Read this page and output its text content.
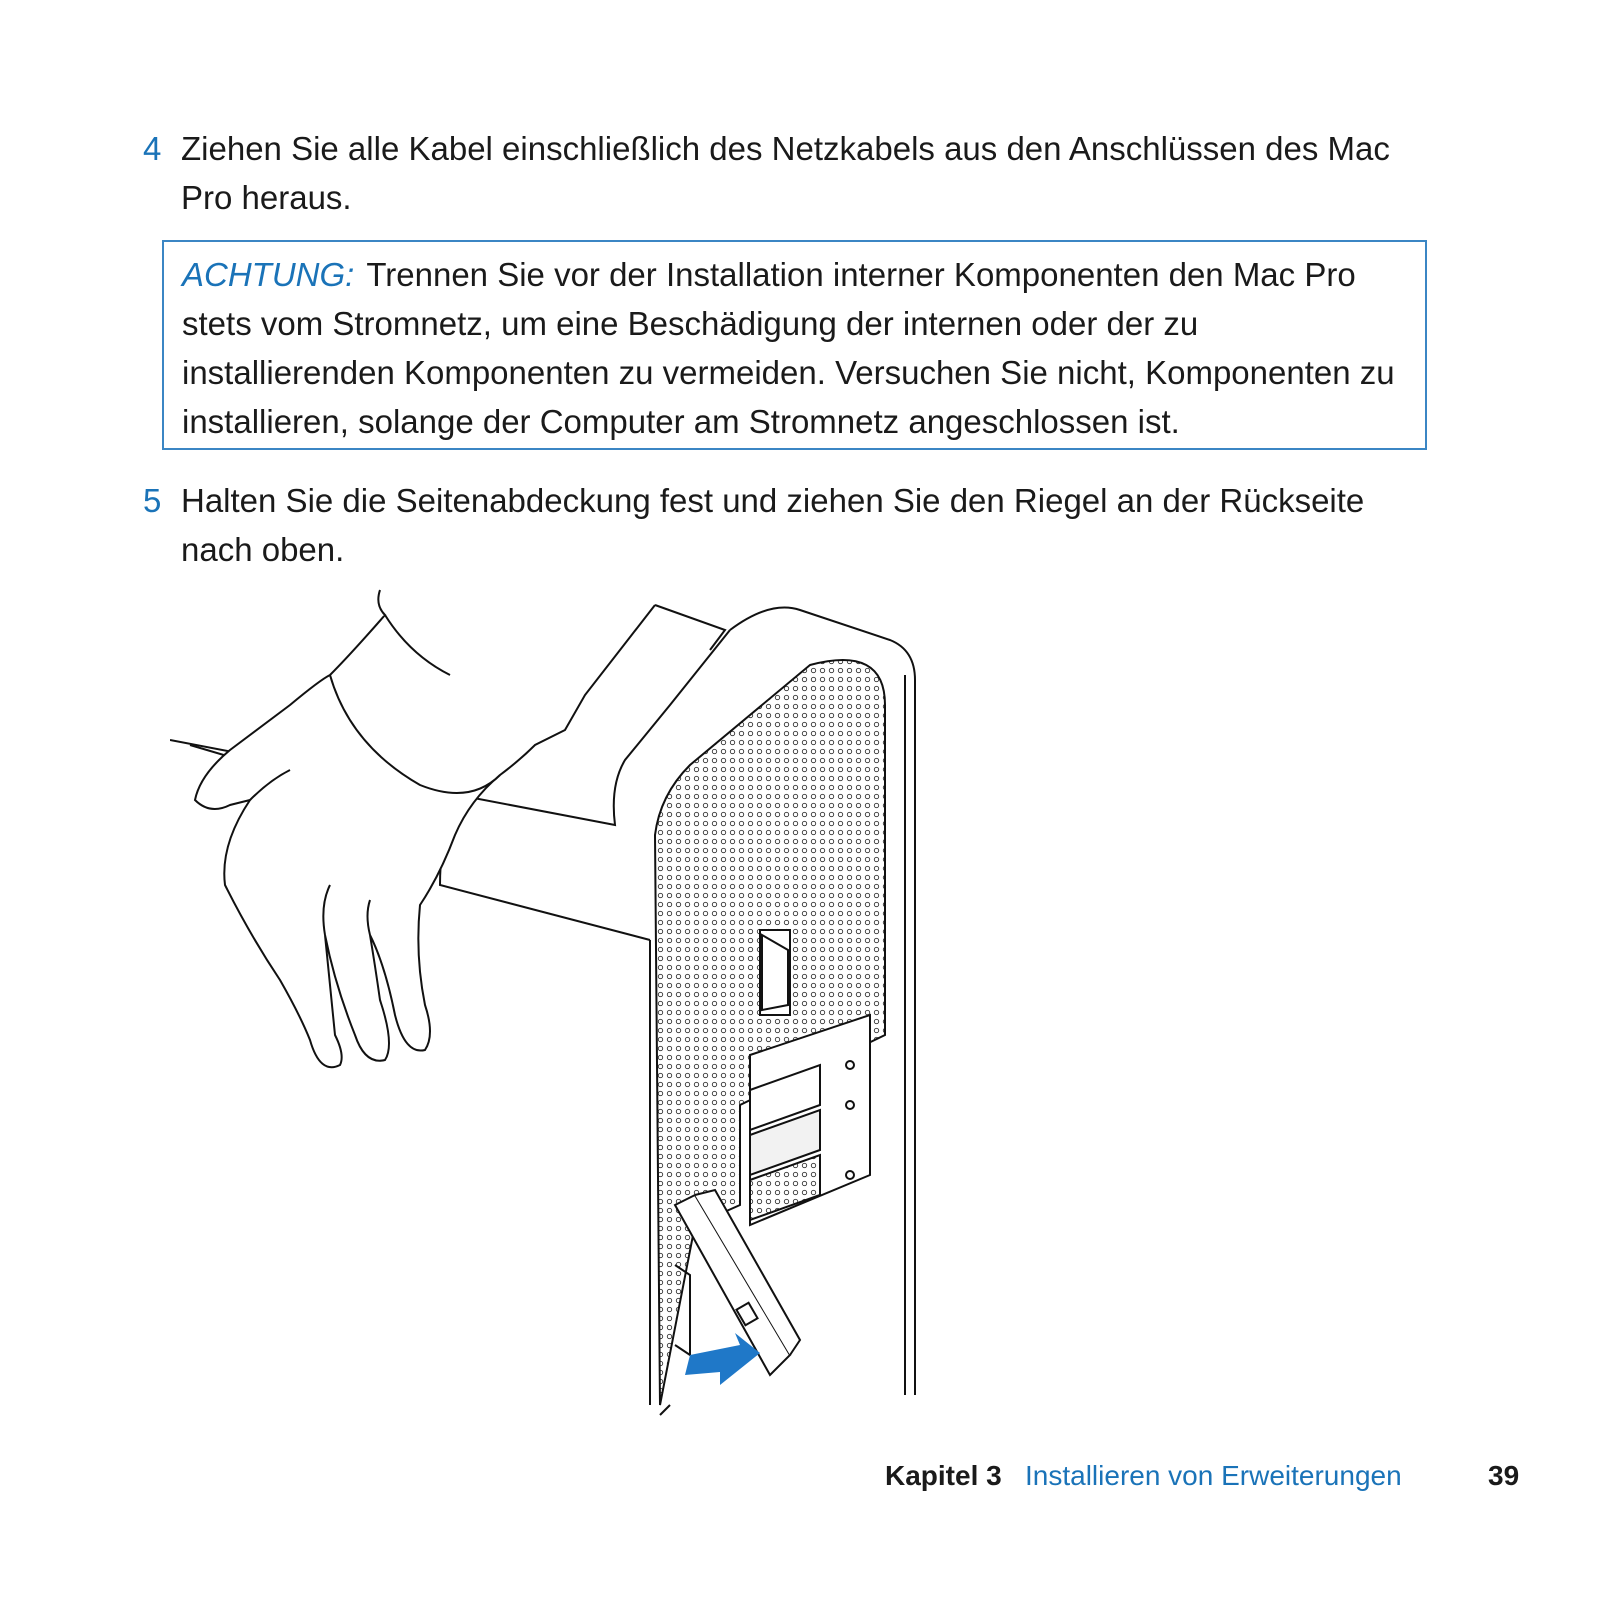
4 Ziehen Sie alle Kabel einschließlich des Netzkabels aus den Anschlüssen des Mac Pro heraus.
ACHTUNG: Trennen Sie vor der Installation interner Komponenten den Mac Pro stets vom Stromnetz, um eine Beschädigung der internen oder der zu installierenden Komponenten zu vermeiden. Versuchen Sie nicht, Komponenten zu installieren, solange der Computer am Stromnetz angeschlossen ist.
5 Halten Sie die Seitenabdeckung fest und ziehen Sie den Riegel an der Rückseite nach oben.
Kapitel 3 Installieren von Erweiterungen	39
